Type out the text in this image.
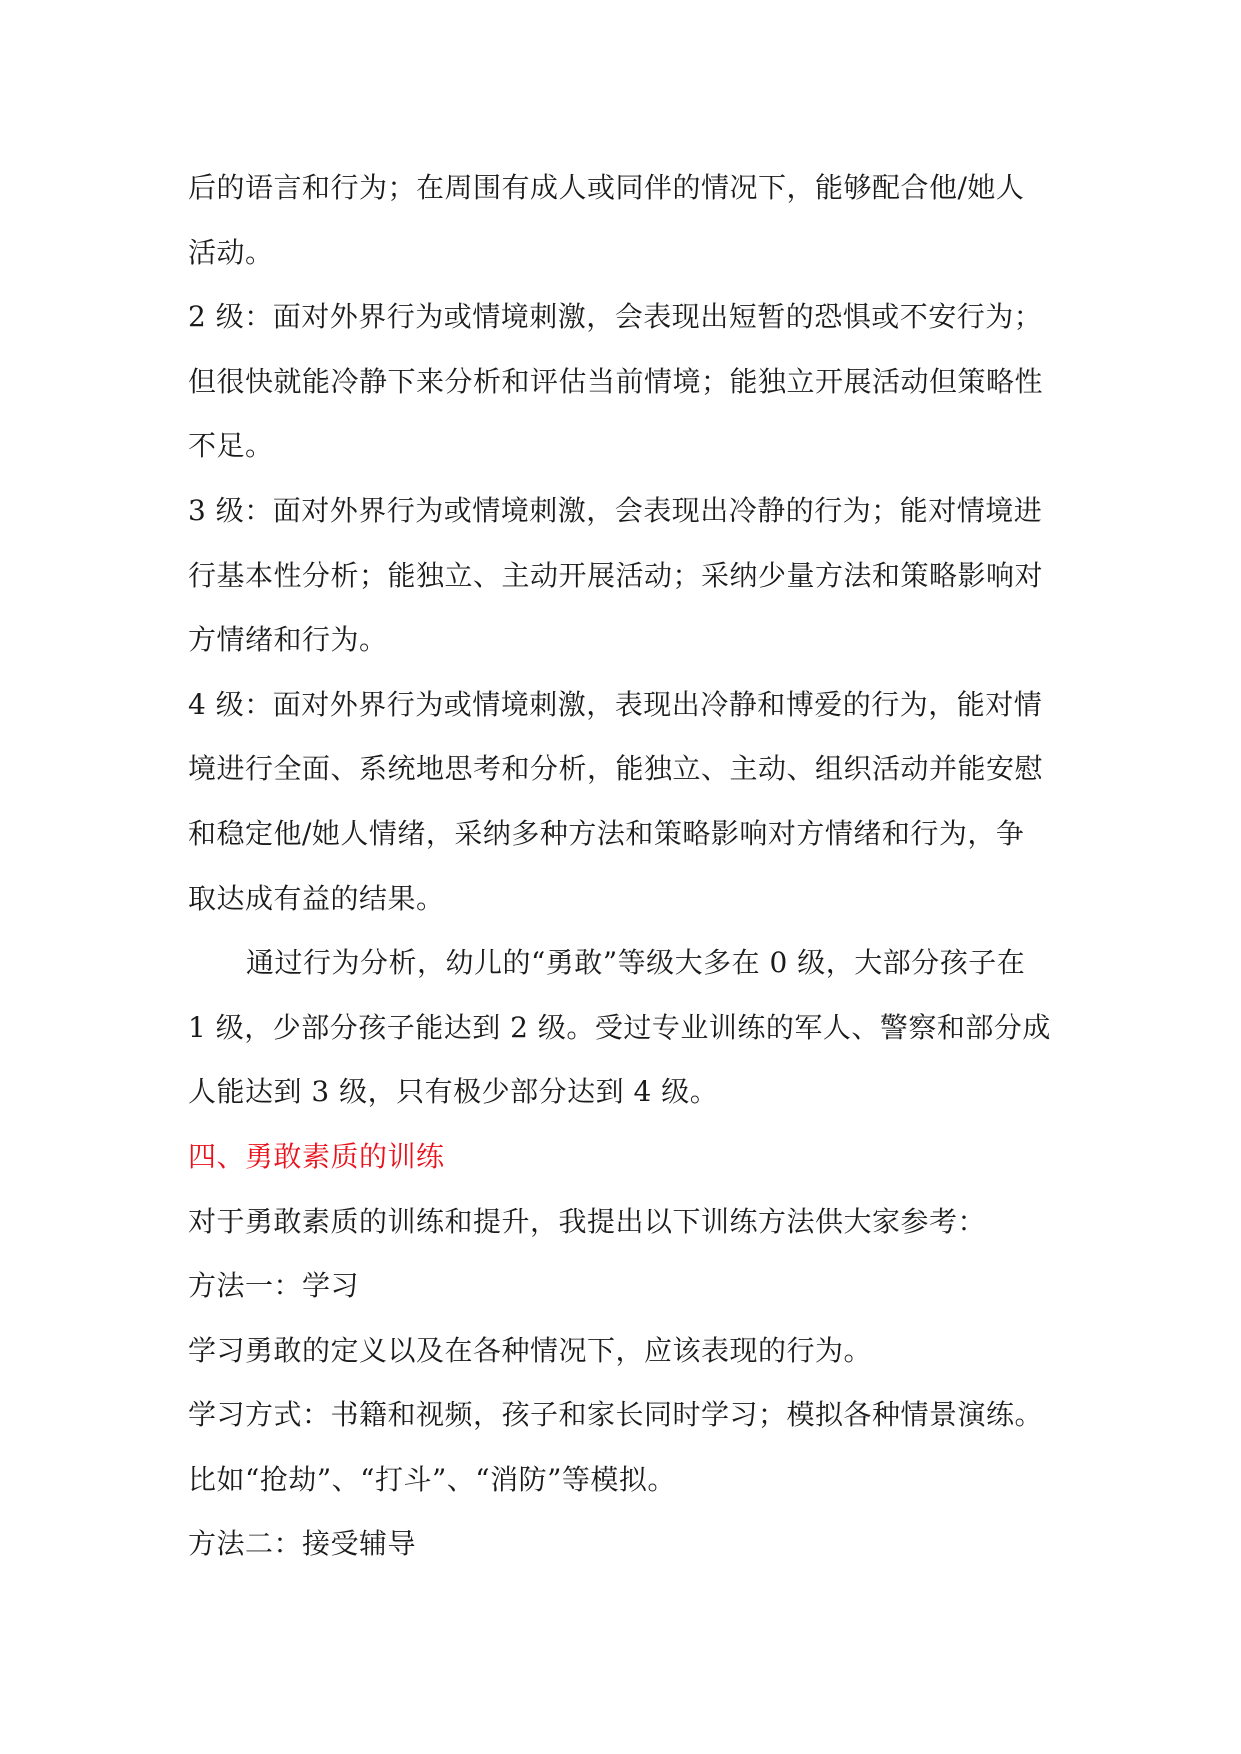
后的语言和行为；在周围有成人或同伴的情况下，能够配合他/她人
活动。
2 级：面对外界行为或情境刺激，会表现出短暂的恐惧或不安行为；
但很快就能冷静下来分析和评估当前情境；能独立开展活动但策略性
不足。
3 级：面对外界行为或情境刺激，会表现出冷静的行为；能对情境进
行基本性分析；能独立、主动开展活动；采纳少量方法和策略影响对
方情绪和行为。
4 级：面对外界行为或情境刺激，表现出冷静和博爱的行为，能对情
境进行全面、系统地思考和分析，能独立、主动、组织活动并能安慰
和稳定他/她人情绪，采纳多种方法和策略影响对方情绪和行为，争
取达成有益的结果。
通过行为分析，幼儿的“勇敢”等级大多在 0 级，大部分孩子在
1 级，少部分孩子能达到 2 级。受过专业训练的军人、警察和部分成
人能达到 3 级，只有极少部分达到 4 级。
四、勇敢素质的训练
对于勇敢素质的训练和提升，我提出以下训练方法供大家参考：
方法一：学习
学习勇敢的定义以及在各种情况下，应该表现的行为。
学习方式：书籍和视频，孩子和家长同时学习；模拟各种情景演练。
比如“抢劫”、“打斗”、“消防”等模拟。
方法二：接受辅导
